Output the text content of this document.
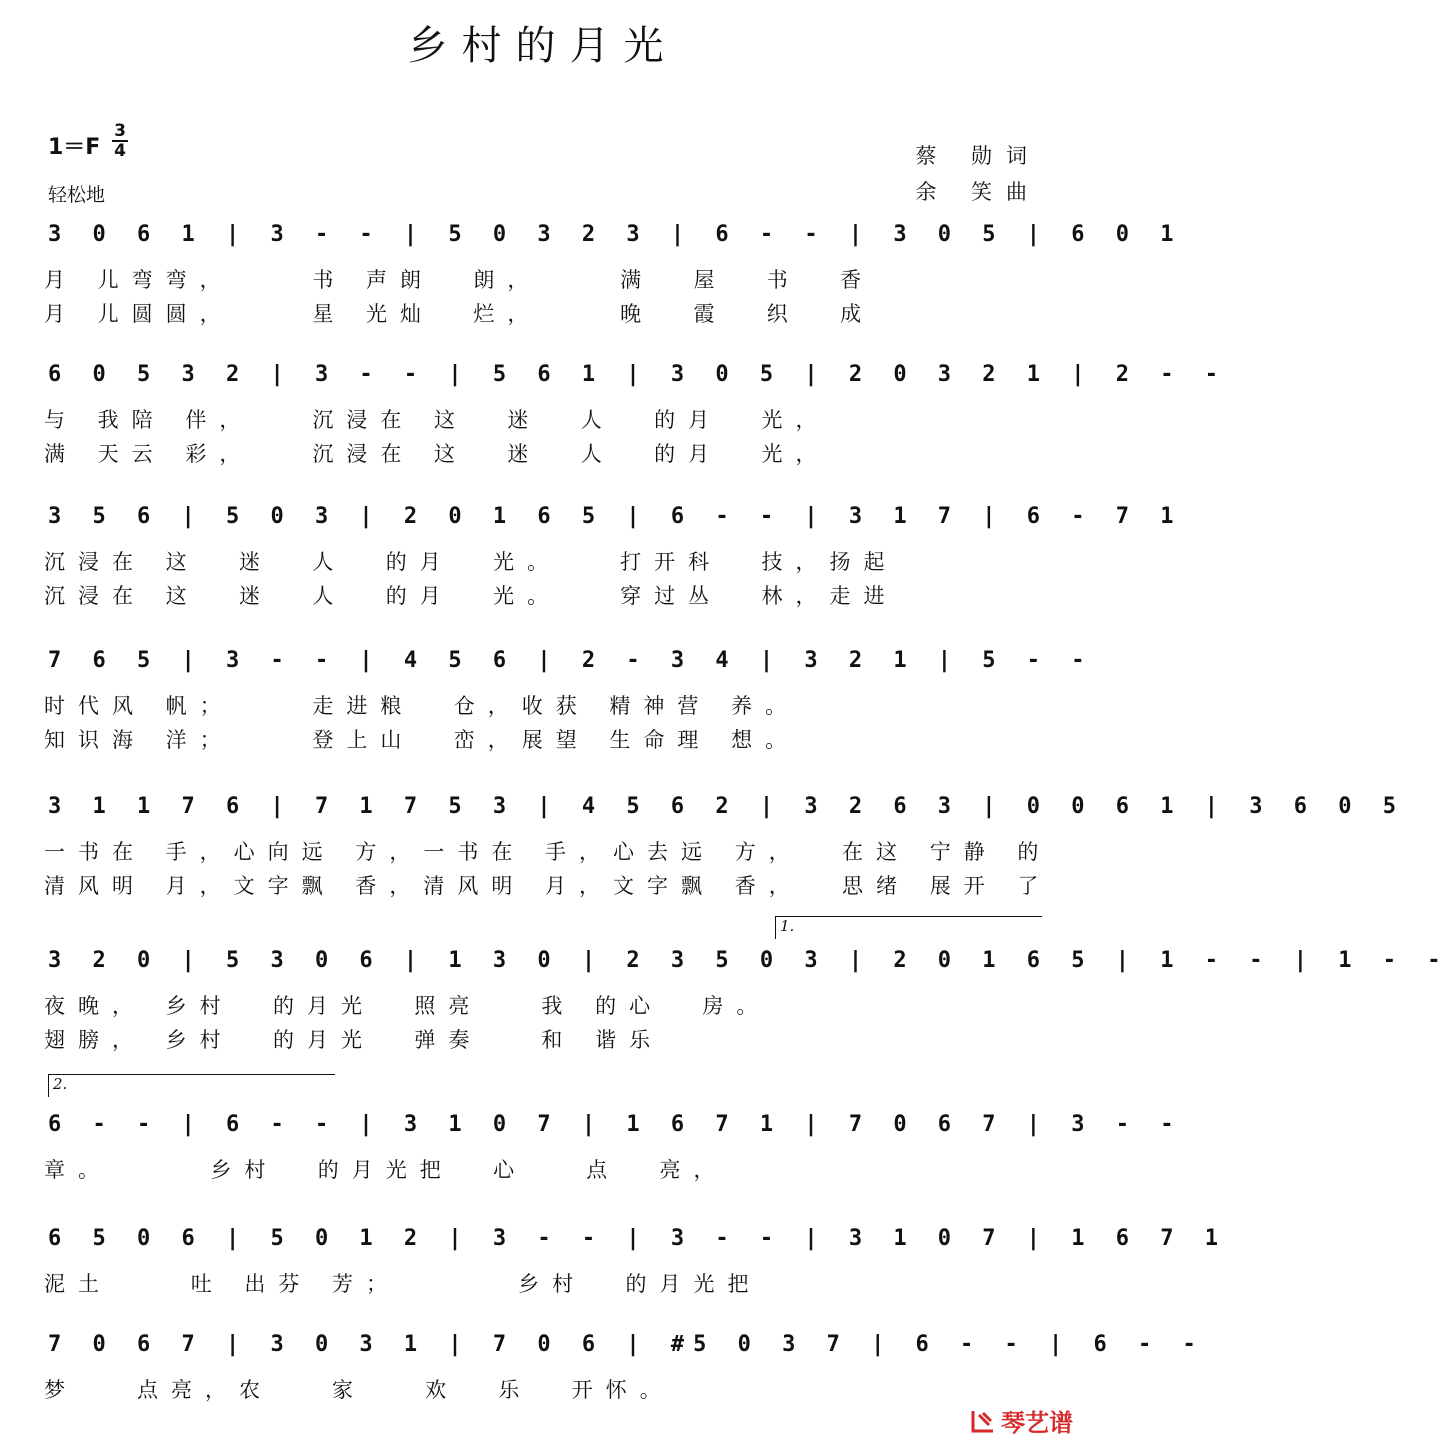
乡村的月光
$1=F \frac{3}{4}$
轻松地
蔡 勋词
余 笑曲
3 0 6 1 | 3 - - | 5 0 3 2 3 | 6 - - | 3 0 5 | 6 0 1
月 儿弯弯，    书 声朗  朗，    满  屋  书  香
月 儿圆圆，    星 光灿  烂，    晚  霞  织  成
6 0 5 3 2 | 3 - - | 5 6 1 | 3 0 5 | 2 0 3 2 1 | 2 - -
与 我陪 伴，   沉浸在 这  迷  人  的月  光，
满 天云 彩，   沉浸在 这  迷  人  的月  光，
3 5 6 | 5 0 3 | 2 0 1 6 5 | 6 - - | 3 1 7 | 6 - 7 1
沉浸在 这  迷  人  的月  光。   打开科  技，扬起
沉浸在 这  迷  人  的月  光。   穿过丛  林，走进
7 6 5 | 3 - - | 4 5 6 | 2 - 3 4 | 3 2 1 | 5 - -
时代风 帆；    走进粮  仓，收获 精神营 养。
知识海 洋；    登上山  峦，展望 生命理 想。
3 1 1 7 6 | 7 1 7 5 3 | 4 5 6 2 | 3 2 6 3 | 0 0 6 1 | 3 6 0 5
一书在 手，心向远 方，一书在 手，心去远 方，  在这 宁静 的
清风明 月，文字飘 香，清风明 月，文字飘 香，  思绪 展开 了
1.
3 2 0 | 5 3 0 6 | 1 3 0 | 2 3 5 0 3 | 2 0 1 6 5 | 1 - - | 1 - -
夜晚， 乡村  的月光  照亮   我 的心  房。
翅膀， 乡村  的月光  弹奏   和 谐乐
2.
6 - - | 6 - - | 3 1 0 7 | 1 6 7 1 | 7 0 6 7 | 3 - -
章。     乡村  的月光把  心   点  亮，
6 5 0 6 | 5 0 1 2 | 3 - - | 3 - - | 3 1 0 7 | 1 6 7 1
泥土    吐 出芬 芳；      乡村  的月光把
7 0 6 7 | 3 0 3 1 | 7 0 6 | #5 0 3 7 | 6 - - | 6 - -
梦   点亮，农   家   欢  乐  开怀。
琴艺谱
